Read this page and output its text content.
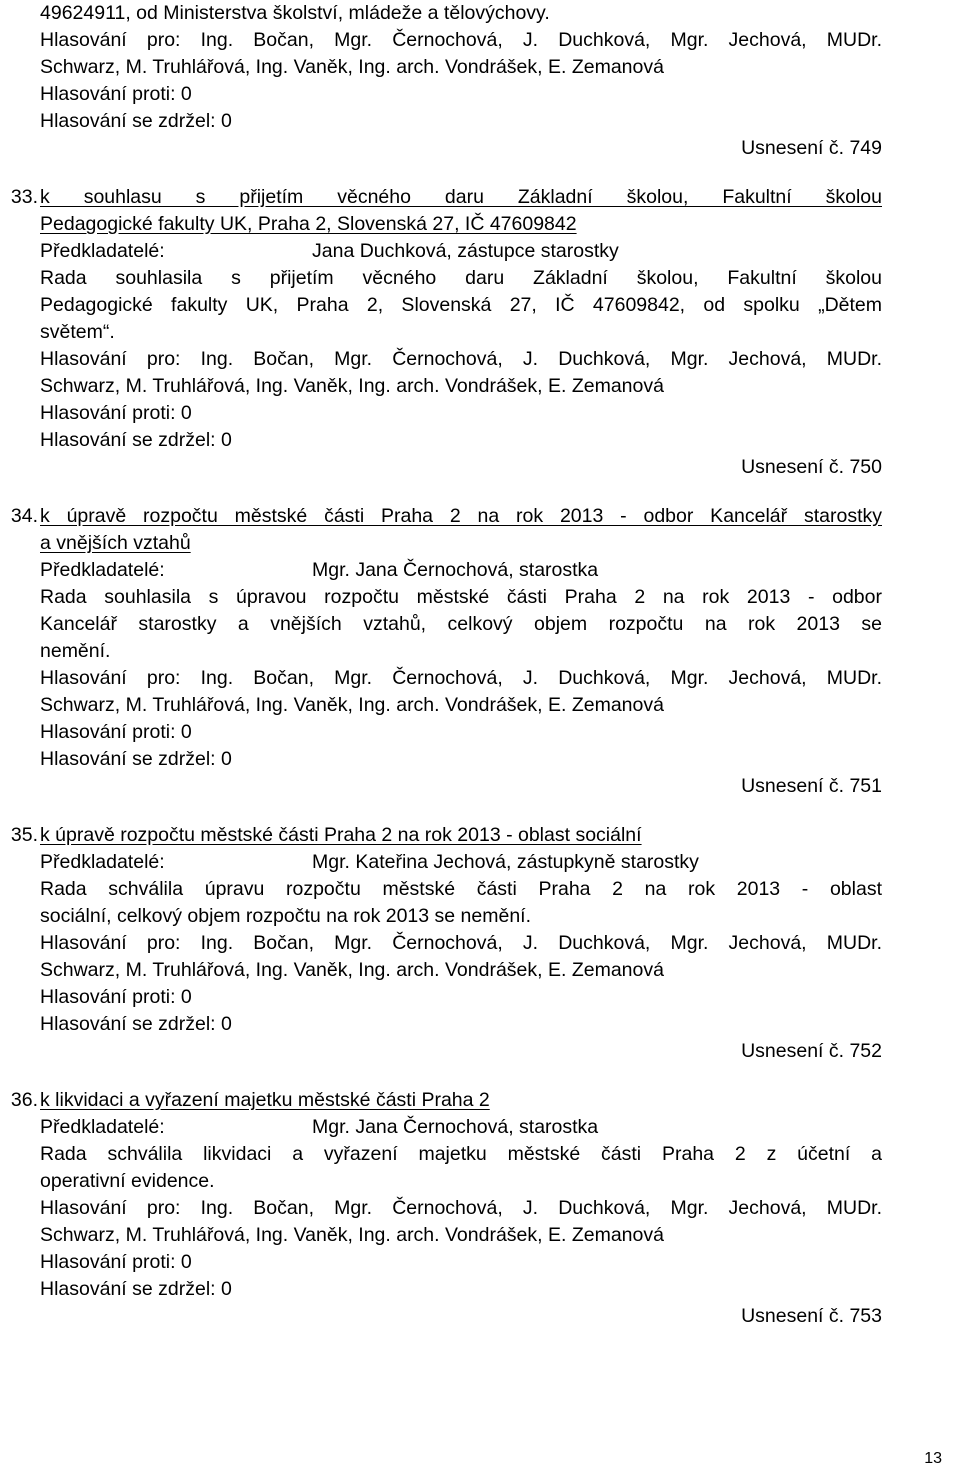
49624911, od Ministerstva školství, mládeže a tělovýchovy.
Hlasování pro: Ing. Bočan, Mgr. Černochová, J. Duchková, Mgr. Jechová, MUDr.
Schwarz, M. Truhlářová, Ing. Vaněk, Ing. arch. Vondrášek, E. Zemanová
Hlasování proti: 0
Hlasování se zdržel: 0
Usnesení č. 749
33. k souhlasu s přijetím věcného daru Základní školou, Fakultní školou
Pedagogické fakulty UK, Praha 2, Slovenská 27, IČ 47609842
Předkladatelé:	Jana Duchková, zástupce starostky
Rada souhlasila s přijetím věcného daru Základní školou, Fakultní školou
Pedagogické fakulty UK, Praha 2, Slovenská 27, IČ 47609842, od spolku „Dětem
světem“.
Hlasování pro: Ing. Bočan, Mgr. Černochová, J. Duchková, Mgr. Jechová, MUDr.
Schwarz, M. Truhlářová, Ing. Vaněk, Ing. arch. Vondrášek, E. Zemanová
Hlasování proti: 0
Hlasování se zdržel: 0
Usnesení č. 750
34. k úpravě rozpočtu městské části Praha 2 na rok 2013 - odbor Kancelář starostky
a vnějších vztahů
Předkladatelé:	Mgr. Jana Černochová, starostka
Rada souhlasila s úpravou rozpočtu městské části Praha 2 na rok 2013 - odbor
Kancelář starostky a vnějších vztahů, celkový objem rozpočtu na rok 2013 se
nemění.
Hlasování pro: Ing. Bočan, Mgr. Černochová, J. Duchková, Mgr. Jechová, MUDr.
Schwarz, M. Truhlářová, Ing. Vaněk, Ing. arch. Vondrášek, E. Zemanová
Hlasování proti: 0
Hlasování se zdržel: 0
Usnesení č. 751
35. k úpravě rozpočtu městské části Praha 2 na rok 2013 - oblast sociální
Předkladatelé:	Mgr. Kateřina Jechová, zástupkyně starostky
Rada schválila úpravu rozpočtu městské části Praha 2 na rok 2013 - oblast
sociální, celkový objem rozpočtu na rok 2013 se nemění.
Hlasování pro: Ing. Bočan, Mgr. Černochová, J. Duchková, Mgr. Jechová, MUDr.
Schwarz, M. Truhlářová, Ing. Vaněk, Ing. arch. Vondrášek, E. Zemanová
Hlasování proti: 0
Hlasování se zdržel: 0
Usnesení č. 752
36. k likvidaci a vyřazení majetku městské části Praha 2
Předkladatelé:	Mgr. Jana Černochová, starostka
Rada schválila likvidaci a vyřazení majetku městské části Praha 2 z účetní a
operativní evidence.
Hlasování pro: Ing. Bočan, Mgr. Černochová, J. Duchková, Mgr. Jechová, MUDr.
Schwarz, M. Truhlářová, Ing. Vaněk, Ing. arch. Vondrášek, E. Zemanová
Hlasování proti: 0
Hlasování se zdržel: 0
Usnesení č. 753
13
